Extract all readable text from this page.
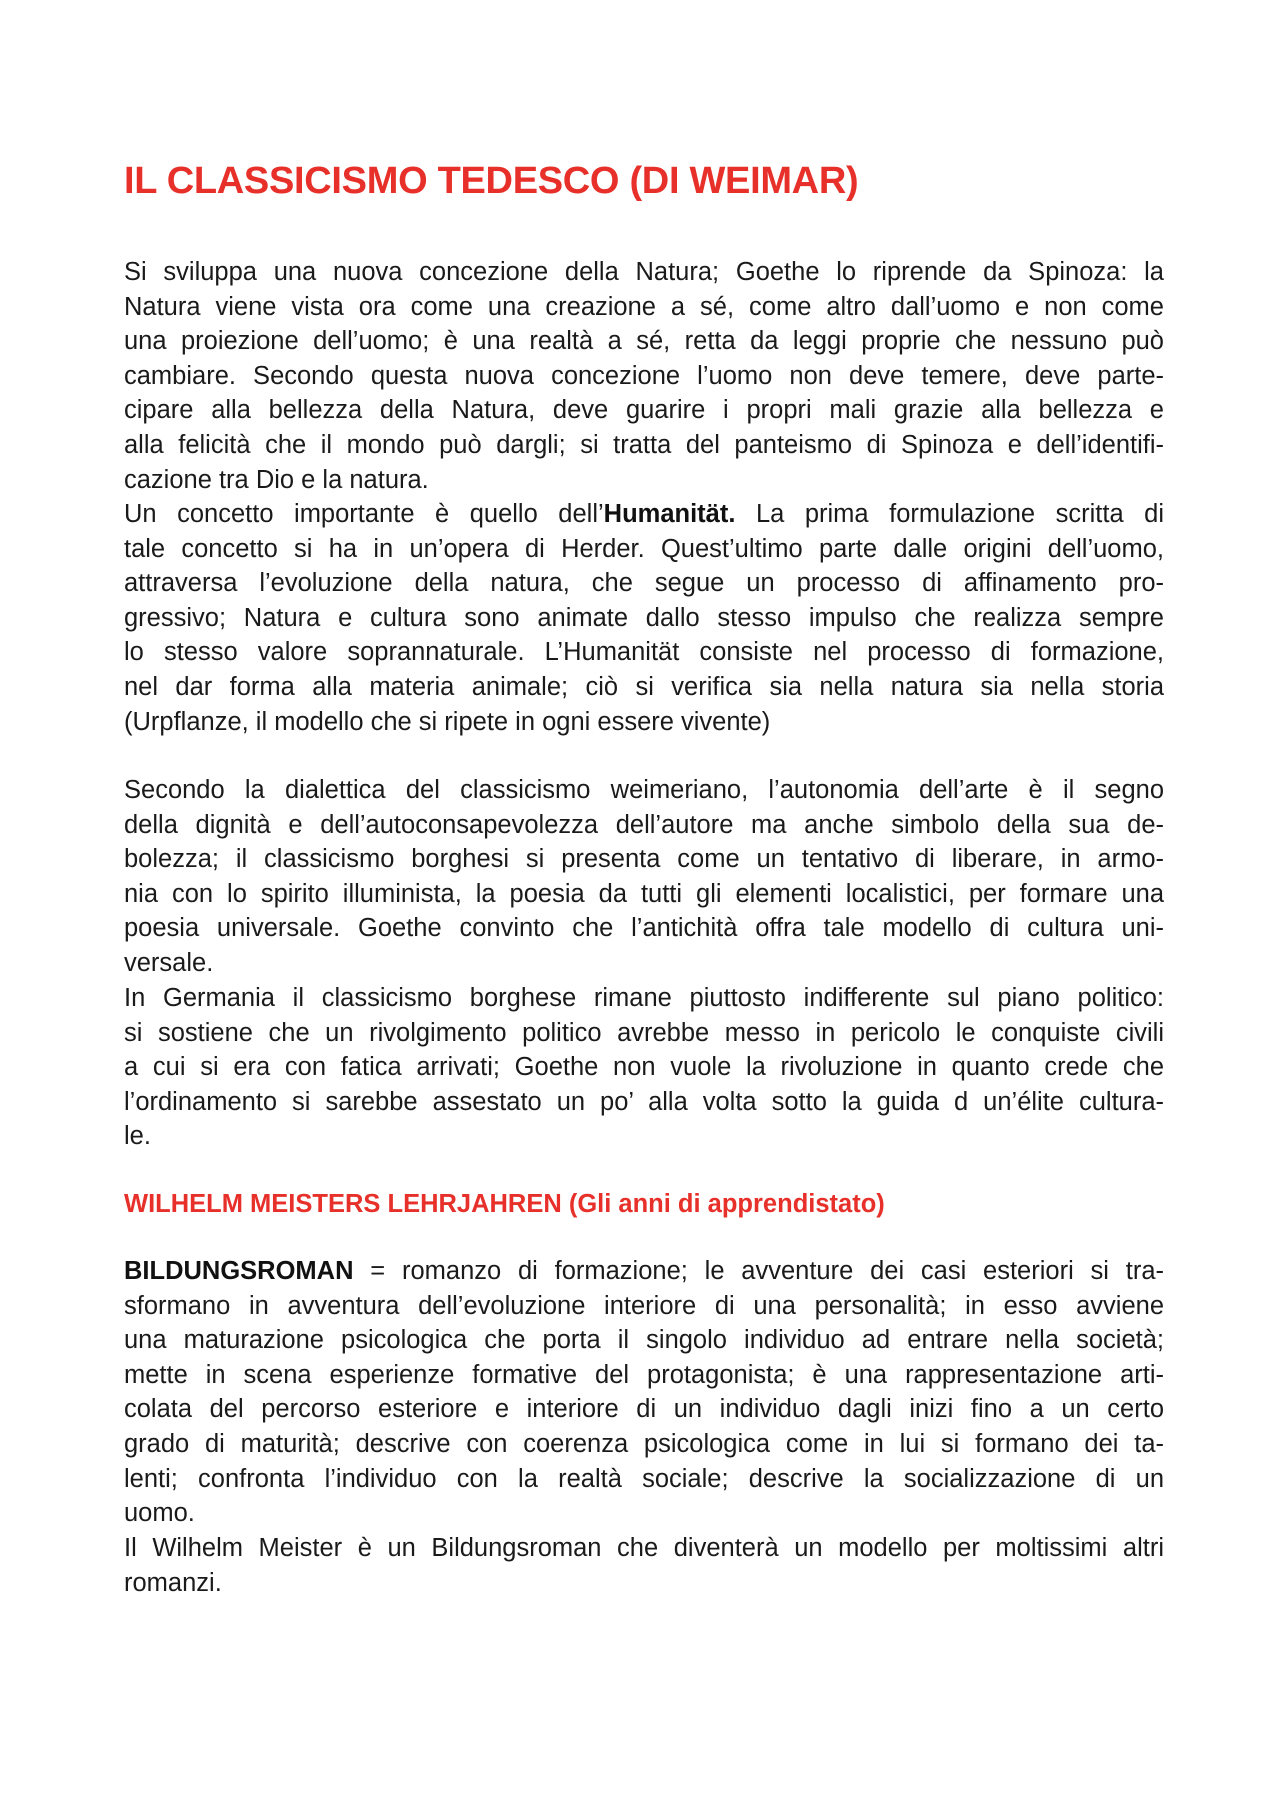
IL CLASSICISMO TEDESCO (DI WEIMAR)

Si sviluppa una nuova concezione della Natura; Goethe lo riprende da Spinoza: la
Natura viene vista ora come una creazione a sé, come altro dall’uomo e non come
una proiezione dell’uomo; è una realtà a sé, retta da leggi proprie che nessuno può
cambiare. Secondo questa nuova concezione l’uomo non deve temere, deve parte-
cipare alla bellezza della Natura, deve guarire i propri mali grazie alla bellezza e
alla felicità che il mondo può dargli; si tratta del panteismo di Spinoza e dell’identifi-
cazione tra Dio e la natura.

Un concetto importante è quello dell’Humanität. La prima formulazione scritta di
tale concetto si ha in un’opera di Herder. Quest’ultimo parte dalle origini dell’uomo,
attraversa l’evoluzione della natura, che segue un processo di affinamento pro-
gressivo; Natura e cultura sono animate dallo stesso impulso che realizza sempre
lo stesso valore soprannaturale. L’Humanität consiste nel processo di formazione,
nel dar forma alla materia animale; ciò si verifica sia nella natura sia nella storia
(Urpflanze, il modello che si ripete in ogni essere vivente)

Secondo la dialettica del classicismo weimeriano, l’autonomia dell’arte è il segno
della dignità e dell’autoconsapevolezza dell’autore ma anche simbolo della sua de-
bolezza; il classicismo borghesi si presenta come un tentativo di liberare, in armo-
nia con lo spirito illuminista, la poesia da tutti gli elementi localistici, per formare una
poesia universale. Goethe convinto che l’antichità offra tale modello di cultura uni-
versale.

In Germania il classicismo borghese rimane piuttosto indifferente sul piano politico:
si sostiene che un rivolgimento politico avrebbe messo in pericolo le conquiste civili
a cui si era con fatica arrivati; Goethe non vuole la rivoluzione in quanto crede che
l’ordinamento si sarebbe assestato un po’ alla volta sotto la guida d un’élite cultura-
le.

WILHELM MEISTERS LEHRJAHREN (Gli anni di apprendistato)

BILDUNGSROMAN = romanzo di formazione; le avventure dei casi esteriori si tra-
sformano in avventura dell’evoluzione interiore di una personalità; in esso avviene
una maturazione psicologica che porta il singolo individuo ad entrare nella società;
mette in scena esperienze formative del protagonista; è una rappresentazione arti-
colata del percorso esteriore e interiore di un individuo dagli inizi fino a un certo
grado di maturità; descrive con coerenza psicologica come in lui si formano dei ta-
lenti; confronta l’individuo con la realtà sociale; descrive la socializzazione di un
uomo.

Il Wilhelm Meister è un Bildungsroman che diventerà un modello per moltissimi altri
romanzi.
